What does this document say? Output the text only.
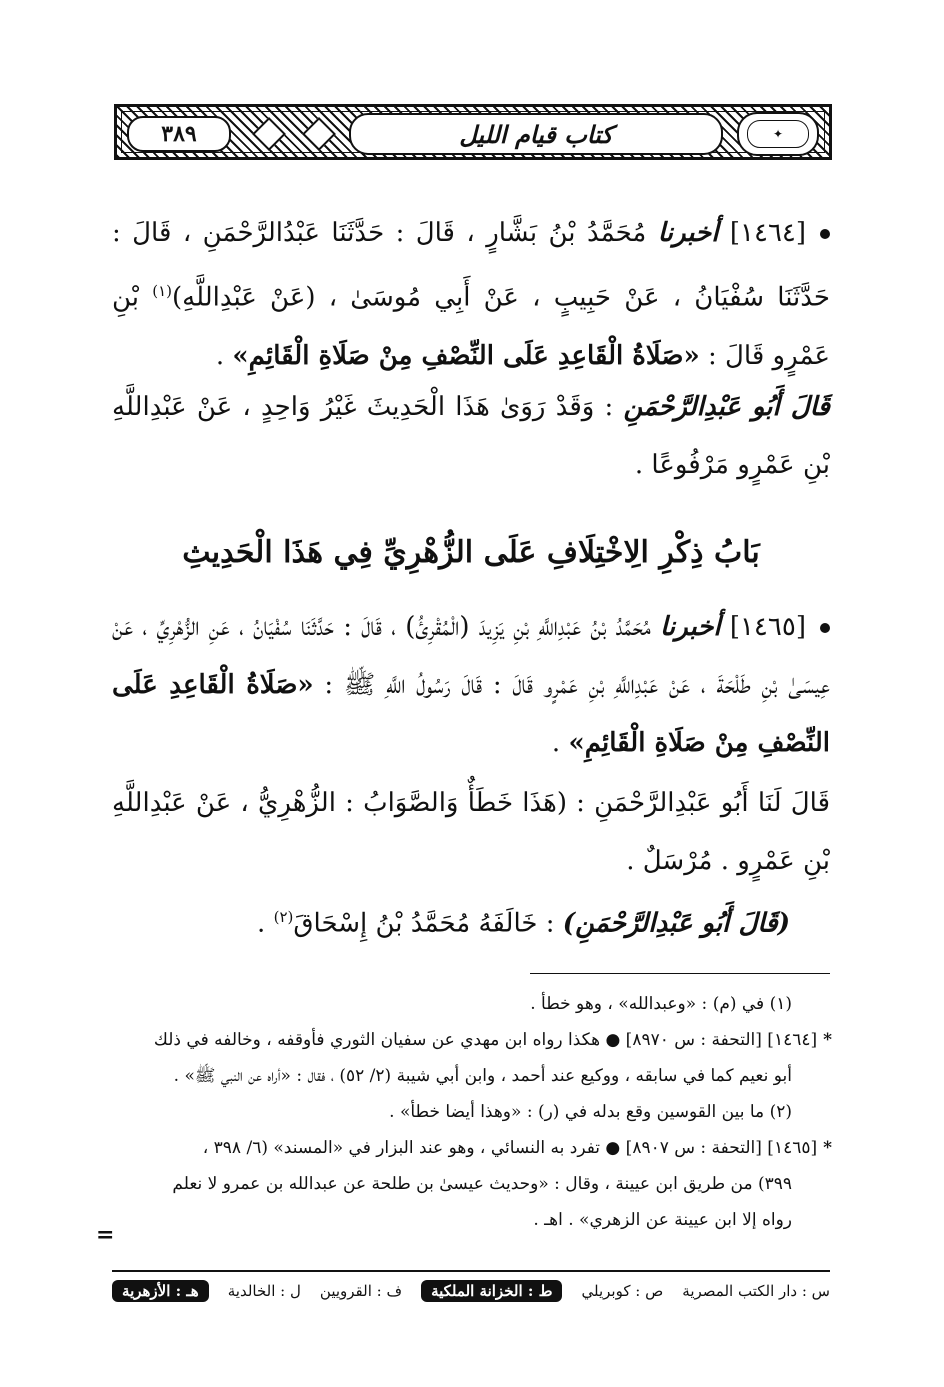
٣٨٩	كتاب قيام الليل	✦
[١٤٦٤] أخبرنا مُحَمَّدُ بْنُ بَشَّارٍ ، قَالَ : حَدَّثَنَا عَبْدُالرَّحْمَنِ ، قَالَ : حَدَّثَنَا سُفْيَانُ ، عَنْ حَبِيبٍ ، عَنْ أَبِي مُوسَىٰ ، (عَنْ عَبْدِاللَّهِ)$^{(١)}$ بْنِ عَمْرٍو قَالَ : «صَلَاةُ الْقَاعِدِ عَلَى النِّصْفِ مِنْ صَلَاةِ الْقَائِمِ» .
قَالَ أَبُو عَبْدِالرَّحْمَنِ : وَقَدْ رَوَىٰ هَذَا الْحَدِيثَ غَيْرُ وَاحِدٍ ، عَنْ عَبْدِاللَّهِ بْنِ عَمْرٍو مَرْفُوعًا .
بَابُ ذِكْرِ الِاخْتِلَافِ عَلَى الزُّهْرِيِّ فِي هَذَا الْحَدِيثِ
[١٤٦٥] أخبرنا مُحَمَّدُ بْنُ عَبْدِاللَّهِ بْنِ يَزِيدَ (الْمُقْرِئُ) ، قَالَ : حَدَّثَنَا سُفْيَانُ ، عَنِ الزُّهْرِيِّ ، عَنْ عِيسَىٰ بْنِ طَلْحَةَ ، عَنْ عَبْدِاللَّهِ بْنِ عَمْرٍو قَالَ : قَالَ رَسُولُ اللَّهِ ﷺ : «صَلَاةُ الْقَاعِدِ عَلَى النِّصْفِ مِنْ صَلَاةِ الْقَائِمِ» .
قَالَ لَنَا أَبُو عَبْدِالرَّحْمَنِ : (هَذَا خَطَأٌ وَالصَّوَابُ : الزُّهْرِيُّ ، عَنْ عَبْدِاللَّهِ بْنِ عَمْرٍو . مُرْسَلٌ .
(قَالَ أَبُو عَبْدِالرَّحْمَنِ) : خَالَفَهُ مُحَمَّدُ بْنُ إِسْحَاقَ$^{(٢)}$ .
(١) في (م) : «وعبدالله» ، وهو خطأ .
*[١٤٦٤] [التحفة : س ٨٩٧٠] ● هكذا رواه ابن مهدي عن سفيان الثوري فأوقفه ، وخالفه في ذلك
أبو نعيم كما في سابقه ، ووكيع عند أحمد ، وابن أبي شيبة (٢/ ٥٢) ، فقال : «أراه عن النبي ﷺ» .
(٢) ما بين القوسين وقع بدله في (ر) : «وهذا أيضا خطأ» .
*[١٤٦٥] [التحفة : س ٨٩٠٧] ● تفرد به النسائي ، وهو عند البزار في «المسند» (٦/ ٣٩٨ ،
٣٩٩) من طريق ابن عيينة ، وقال : «وحديث عيسىٰ بن طلحة عن عبدالله بن عمرو لا نعلم
رواه إلا ابن عيينة عن الزهري» . اهـ .
=
س : دار الكتب المصرية
ص : كوبريلي
ط : الخزانة الملكية
ف : القرويين
ل : الخالدية
هـ : الأزهرية
